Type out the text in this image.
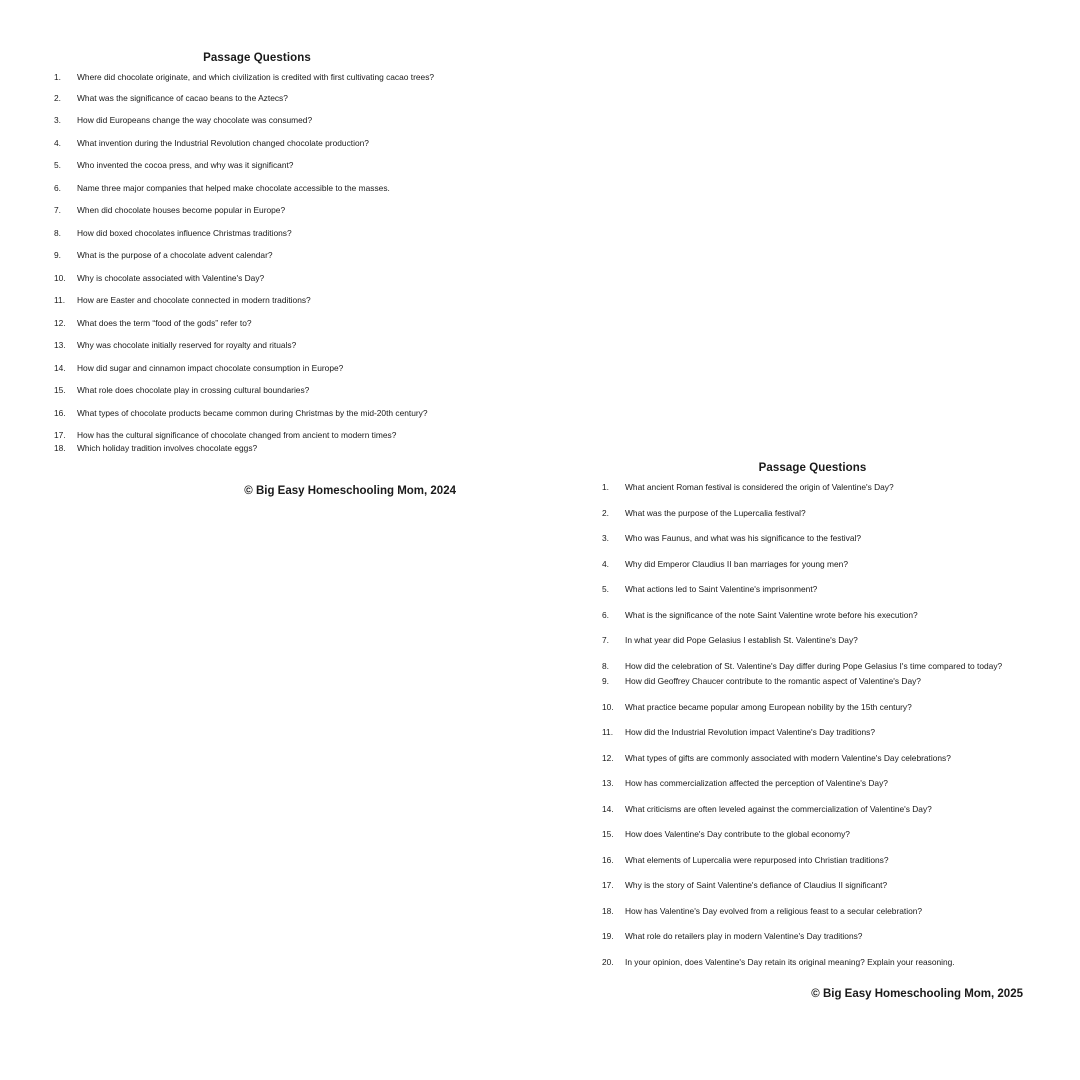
Passage Questions
1. Where did chocolate originate, and which civilization is credited with first cultivating cacao trees?
2. What was the significance of cacao beans to the Aztecs?
3. How did Europeans change the way chocolate was consumed?
4. What invention during the Industrial Revolution changed chocolate production?
5. Who invented the cocoa press, and why was it significant?
6. Name three major companies that helped make chocolate accessible to the masses.
7. When did chocolate houses become popular in Europe?
8. How did boxed chocolates influence Christmas traditions?
9. What is the purpose of a chocolate advent calendar?
10. Why is chocolate associated with Valentine's Day?
11. How are Easter and chocolate connected in modern traditions?
12. What does the term “food of the gods” refer to?
13. Why was chocolate initially reserved for royalty and rituals?
14. How did sugar and cinnamon impact chocolate consumption in Europe?
15. What role does chocolate play in crossing cultural boundaries?
16. What types of chocolate products became common during Christmas by the mid-20th century?
17. How has the cultural significance of chocolate changed from ancient to modern times?
18. Which holiday tradition involves chocolate eggs?
© Big Easy Homeschooling Mom, 2024
Passage Questions
1. What ancient Roman festival is considered the origin of Valentine's Day?
2. What was the purpose of the Lupercalia festival?
3. Who was Faunus, and what was his significance to the festival?
4. Why did Emperor Claudius II ban marriages for young men?
5. What actions led to Saint Valentine's imprisonment?
6. What is the significance of the note Saint Valentine wrote before his execution?
7. In what year did Pope Gelasius I establish St. Valentine's Day?
8. How did the celebration of St. Valentine's Day differ during Pope Gelasius I's time compared to today?
9. How did Geoffrey Chaucer contribute to the romantic aspect of Valentine's Day?
10. What practice became popular among European nobility by the 15th century?
11. How did the Industrial Revolution impact Valentine's Day traditions?
12. What types of gifts are commonly associated with modern Valentine's Day celebrations?
13. How has commercialization affected the perception of Valentine's Day?
14. What criticisms are often leveled against the commercialization of Valentine's Day?
15. How does Valentine's Day contribute to the global economy?
16. What elements of Lupercalia were repurposed into Christian traditions?
17. Why is the story of Saint Valentine's defiance of Claudius II significant?
18. How has Valentine's Day evolved from a religious feast to a secular celebration?
19. What role do retailers play in modern Valentine's Day traditions?
20. In your opinion, does Valentine's Day retain its original meaning? Explain your reasoning.
© Big Easy Homeschooling Mom, 2025
